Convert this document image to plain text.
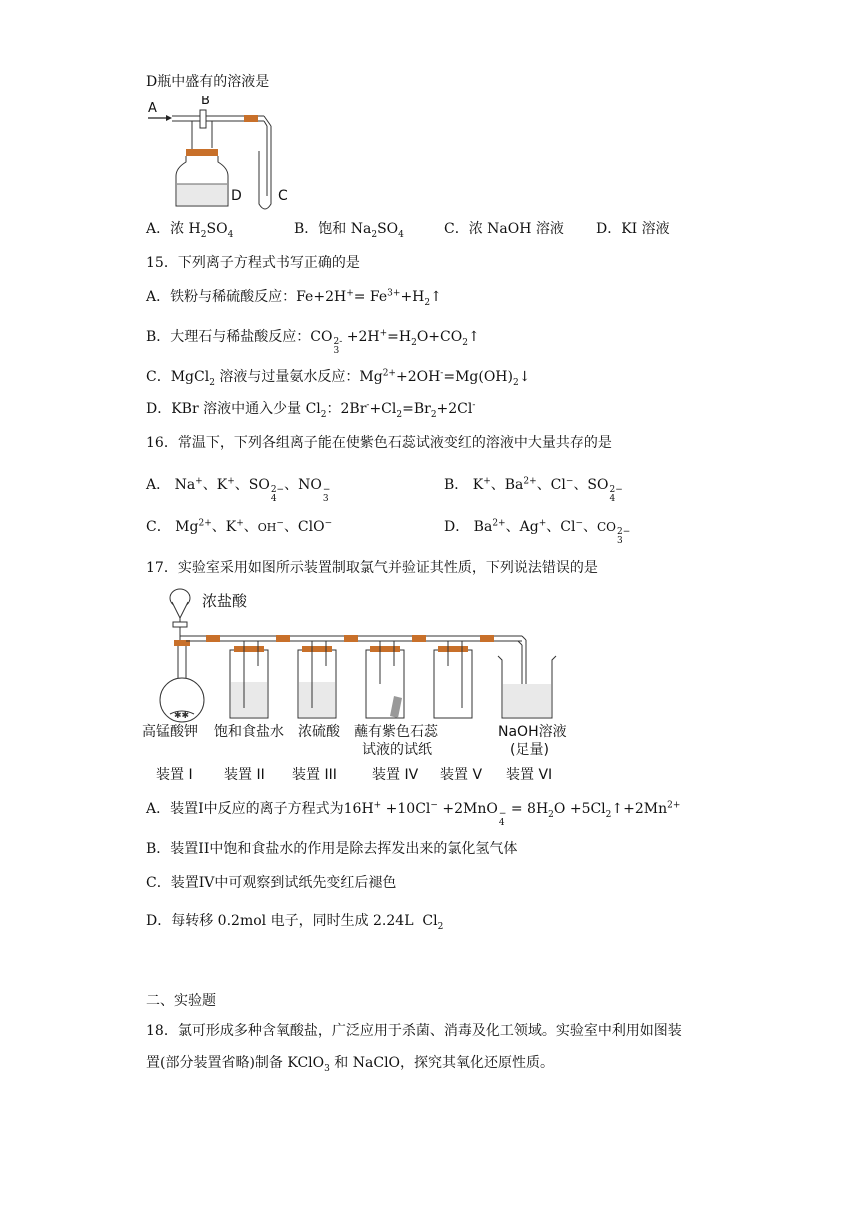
D瓶中盛有的溶液是
B
A
D	C
A．浓 $H_2SO_4$	B．饱和 $Na_2SO_4$	C．浓 NaOH 溶液 D．KI 溶液
15．下列离子方程式书写正确的是
A．铁粉与稀硫酸反应：$Fe+2H^+= Fe^{3+}+H_2↑$
B．大理石与稀盐酸反应：CO 2-
3
$+2H^+=H_2O+CO_2↑$
C．MgCl$_2$ 溶液与过量氨水反应：$Mg^{2+}+2OH^-=Mg(OH)_2↓$
D．KBr 溶液中通入少量 $Cl_2$：$2Br^-+Cl_2=Br_2+2Cl^-$
16．常温下，下列各组离子能在使紫色石蕊试液变红的溶液中大量共存的是
A． Na+、K+、SO 2−
4
、NO −
3
B． K+、$Ba^{2+}$、Cl−、SO 2−
4
C． $Mg^{2+}$、K+、OH−、ClO−	D． $Ba^{2+}$、Ag+、Cl−、CO 2−
3
17．实验室采用如图所示装置制取氯气并验证其性质，下列说法错误的是
✱✱
浓盐酸
高锰酸钾 饱和食盐水 浓硫酸 蘸有紫色石蕊
试液的试纸
NaOH溶液
(足量)
装置 I 装置 II 装置 III	装置 IV 装置 V 装置 VI
A．装置I中反应的离子方程式为16H+ +10Cl− +2MnO −
4
= $8H_2O$ $+5Cl_2↑+2Mn^{2+}$
B．装置II中饱和食盐水的作用是除去挥发出来的氯化氢气体
C．装置IV中可观察到试纸先变红后褪色
D．每转移 0.2mol 电子，同时生成 2.24L $Cl_2$
二、实验题
18．氯可形成多种含氧酸盐，广泛应用于杀菌、消毒及化工领域。实验室中利用如图装
置(部分装置省略)制备 KClO$_3$ 和 NaClO，探究其氧化还原性质。
